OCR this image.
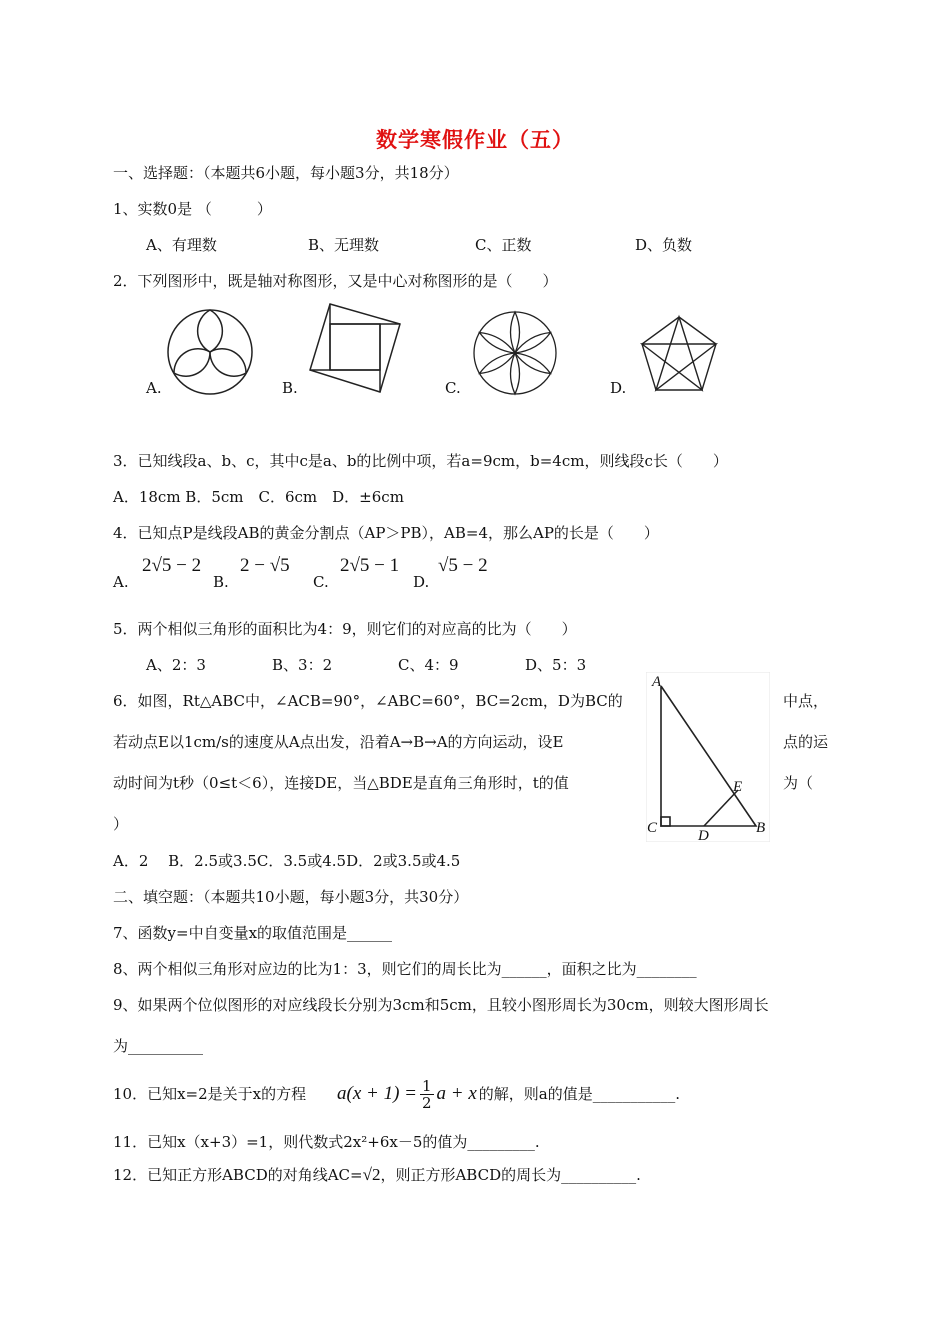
数学寒假作业（五）
一、选择题：（本题共6小题，每小题3分，共18分）
1、实数0是 （　　　）
A、有理数	B、无理数	C、正数	D、负数
2．下列图形中，既是轴对称图形，又是中心对称图形的是（　　）
A.	B.	C.	D.
3．已知线段a、b、c，其中c是a、b的比例中项，若a=9cm，b=4cm，则线段c长（　　）
A．18cm B．5cm　C．6cm　D．±6cm
4．已知点P是线段AB的黄金分割点（AP＞PB），AB=4，那么AP的长是（　　）
A.
2√5 − 2
B.
2 − √5
C.
2√5 − 1
D.
√5 − 2
5．两个相似三角形的面积比为4：9，则它们的对应高的比为（　　）
A、2：3	B、3：2	C、4：9	D、5：3
6．如图，Rt△ABC中，∠ACB=90°，∠ABC=60°，BC=2cm，D为BC的	中点，
若动点E以1cm/s的速度从A点出发，沿着A→B→A的方向运动，设E	点的运
动时间为t秒（0≤t＜6），连接DE，当△BDE是直角三角形时，t的值	为（
）
A
E
C	D	B
A．2　 B．2.5或3.5C．3.5或4.5D．2或3.5或4.5
二、填空题：（本题共10小题，每小题3分，共30分）
7、函数y=中自变量x的取值范围是______
8、两个相似三角形对应边的比为1：3，则它们的周长比为______，面积之比为________
9、如果两个位似图形的对应线段长分别为3cm和5cm，且较小图形周长为30cm，则较大图形周长
为__________
10．已知x=2是关于x的方程 $a(x + 1) = \frac{1}{2}$ a + x 的解，则a的值是___________.
11．已知x（x+3）=1，则代数式2x²+6x－5的值为_________.
12．已知正方形ABCD的对角线AC=√2，则正方形ABCD的周长为__________.
